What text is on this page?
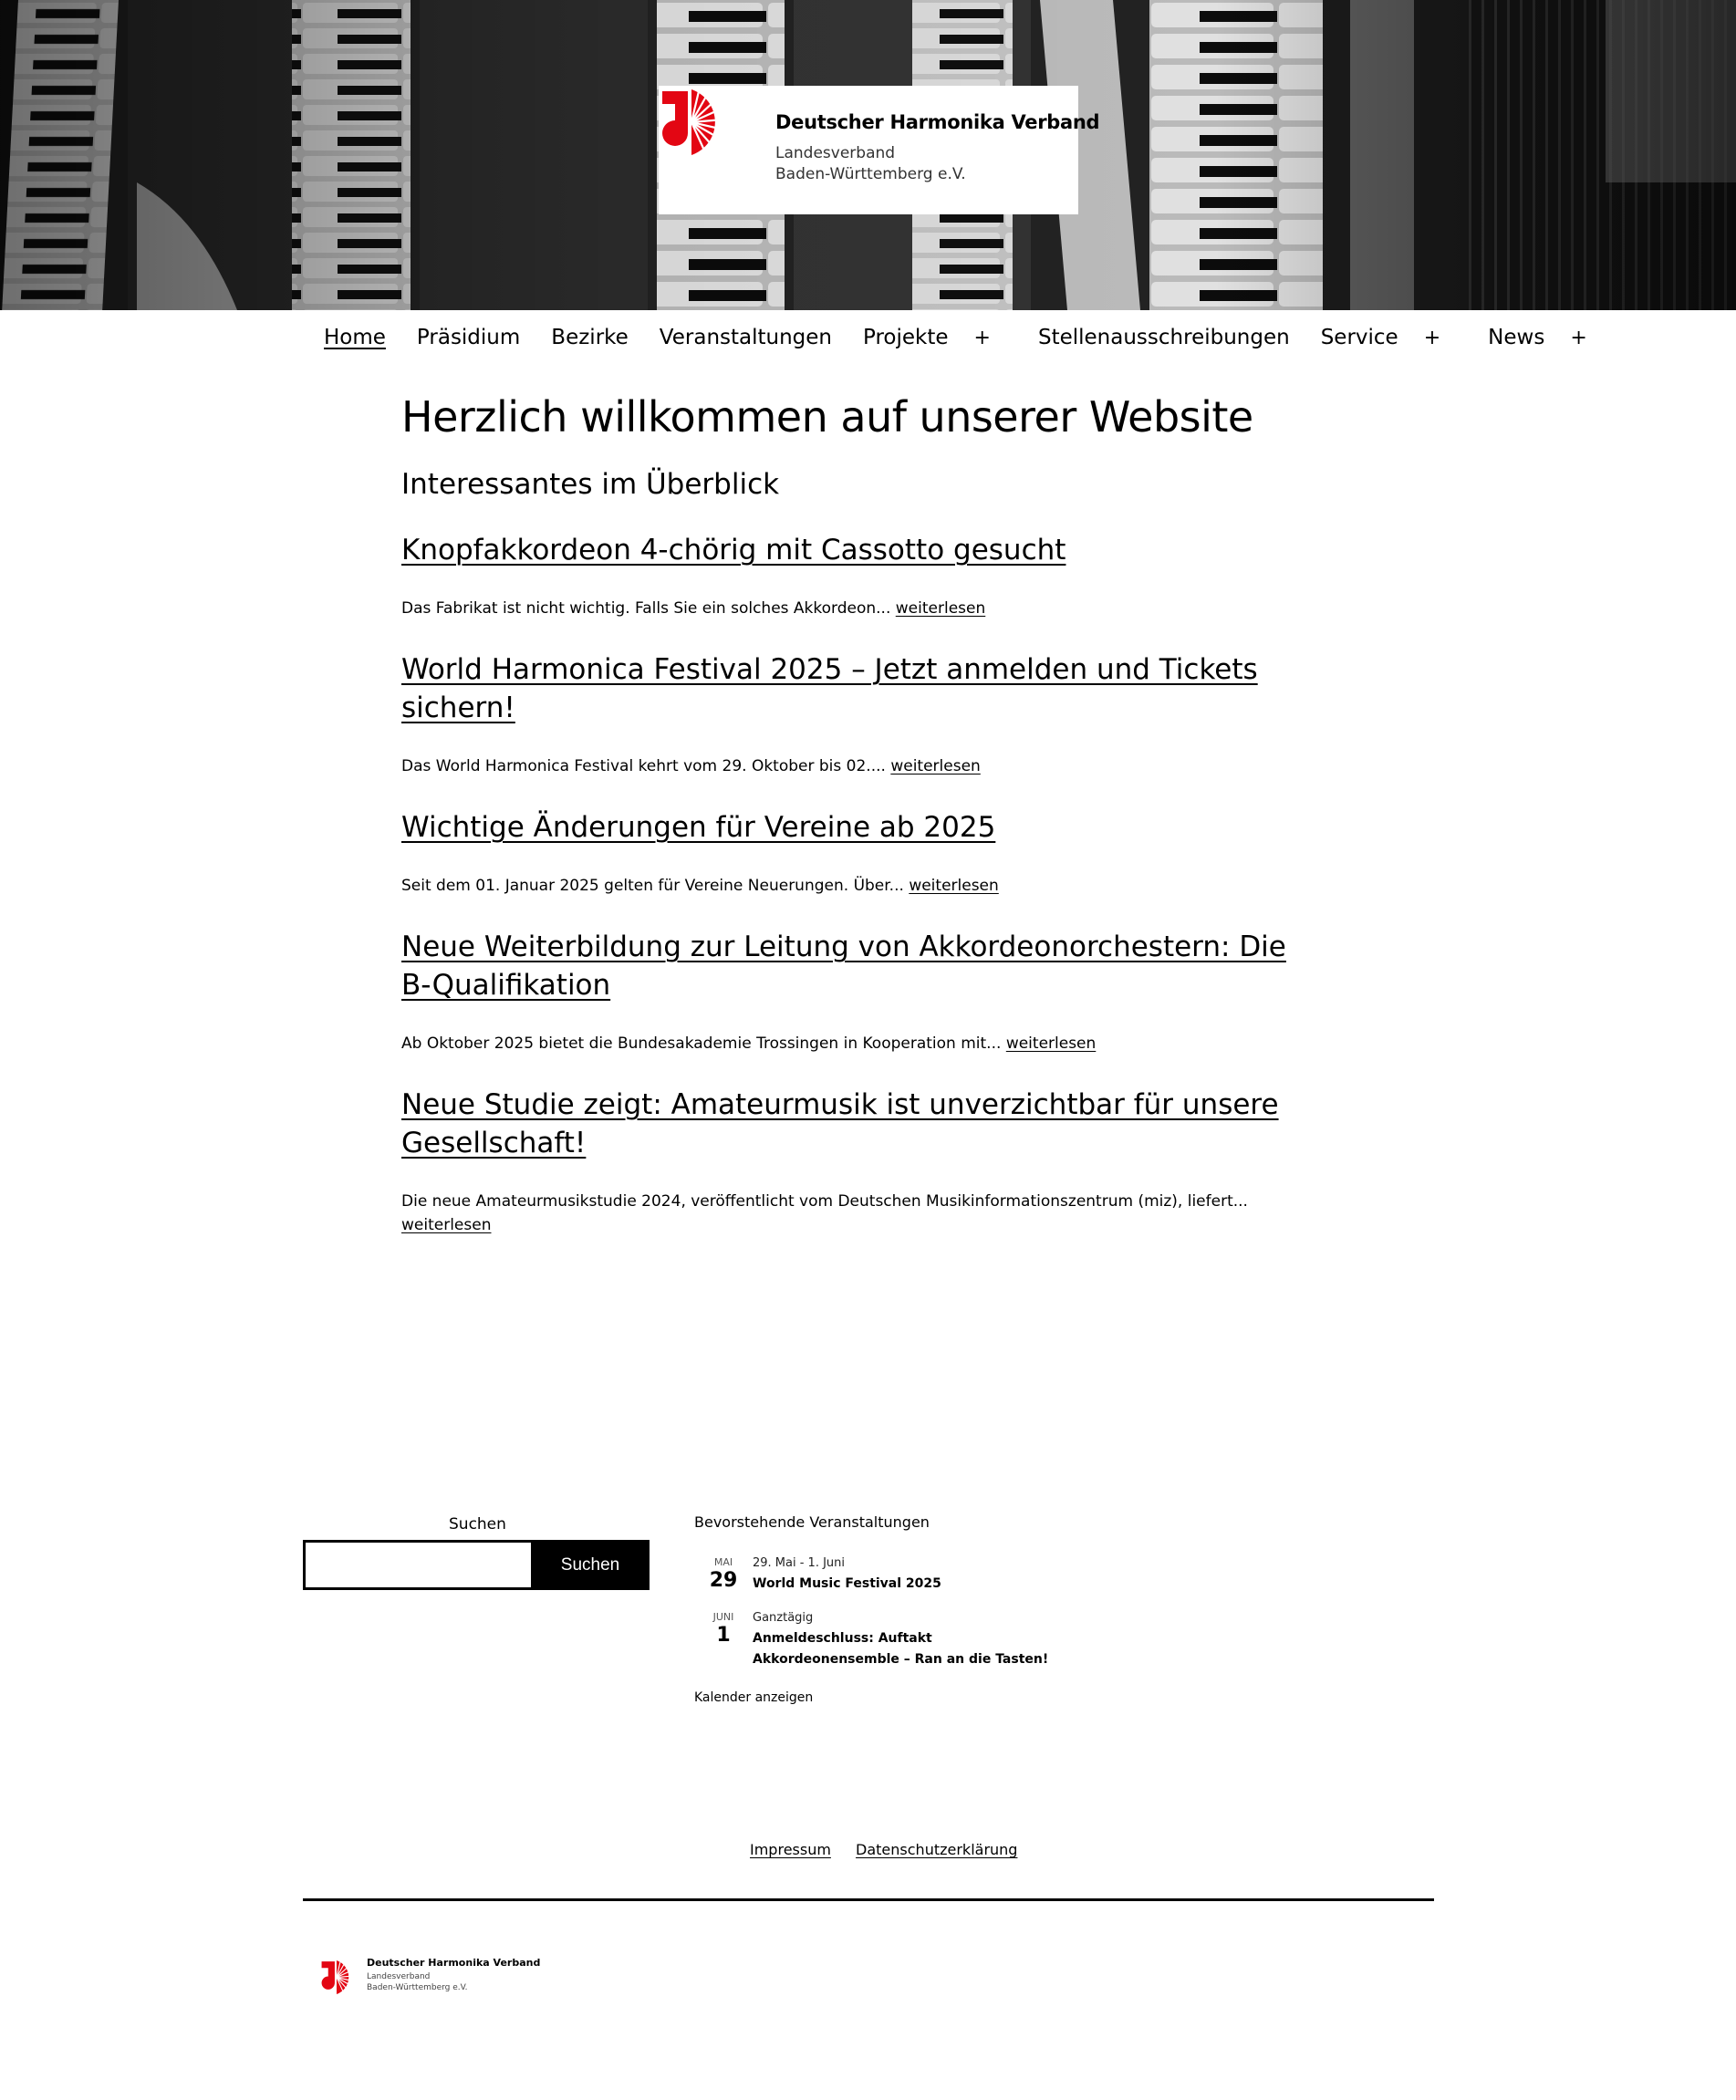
Deutscher Harmonika Verband
Landesverband
Baden-Württemberg e.V.
Home Präsidium Bezirke Veranstaltungen Projekte + Stellenausschreibungen Service + News +
Herzlich willkommen auf unserer Website
Interessantes im Überblick
Knopfakkordeon 4-chörig mit Cassotto gesucht

Das Fabrikat ist nicht wichtig. Falls Sie ein solches Akkordeon... weiterlesen

World Harmonica Festival 2025 – Jetzt anmelden und Tickets sichern!

Das World Harmonica Festival kehrt vom 29. Oktober bis 02.... weiterlesen

Wichtige Änderungen für Vereine ab 2025

Seit dem 01. Januar 2025 gelten für Vereine Neuerungen. Über... weiterlesen

Neue Weiterbildung zur Leitung von Akkordeonorchestern: Die B-Qualifikation

Ab Oktober 2025 bietet die Bundesakademie Trossingen in Kooperation mit... weiterlesen

Neue Studie zeigt: Amateurmusik ist unverzichtbar für unsere Gesellschaft!

Die neue Amateurmusikstudie 2024, veröffentlicht vom Deutschen Musikinformationszentrum (miz), liefert... weiterlesen

Suchen
Suchen
Bevorstehende Veranstaltungen
MAI
29
29. Mai - 1. Juni
World Music Festival 2025
JUNI
1
Ganztägig
Anmeldeschluss: Auftakt Akkordeonensemble – Ran an die Tasten!
Kalender anzeigen
Impressum Datenschutzerklärung
Deutscher Harmonika Verband
Landesverband
Baden-Württemberg e.V.
